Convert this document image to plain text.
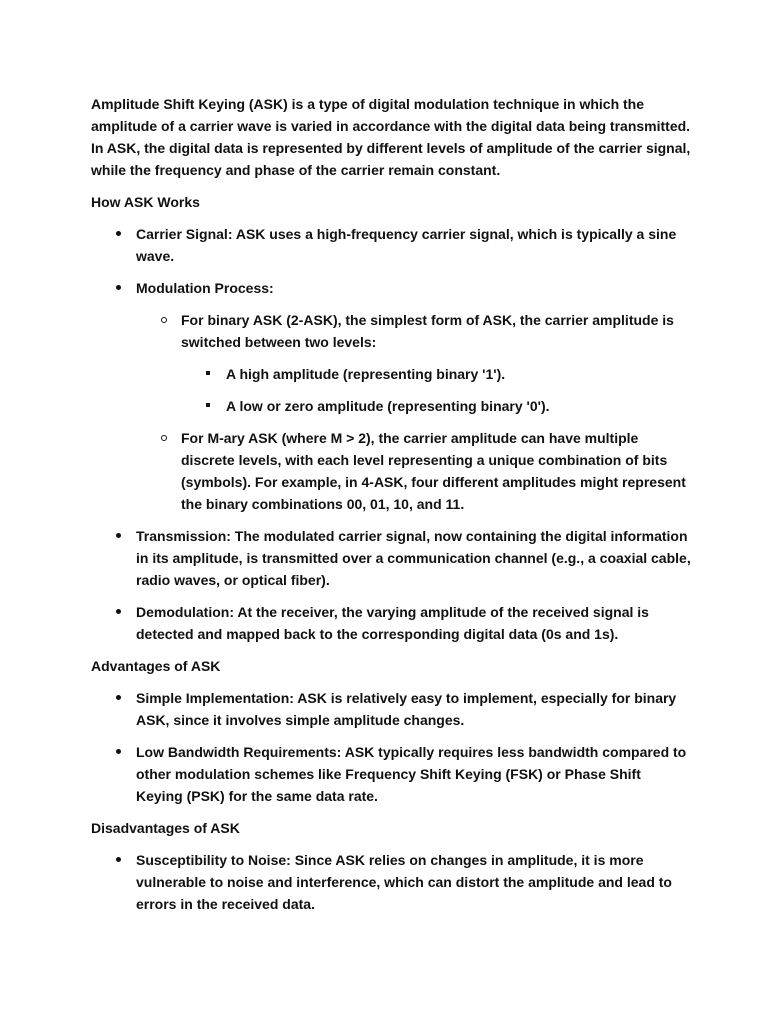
Amplitude Shift Keying (ASK) is a type of digital modulation technique in which the amplitude of a carrier wave is varied in accordance with the digital data being transmitted. In ASK, the digital data is represented by different levels of amplitude of the carrier signal, while the frequency and phase of the carrier remain constant.

How ASK Works

Carrier Signal: ASK uses a high-frequency carrier signal, which is typically a sine wave.
Modulation Process:
For binary ASK (2-ASK), the simplest form of ASK, the carrier amplitude is switched between two levels:
A high amplitude (representing binary '1').
A low or zero amplitude (representing binary '0').
For M-ary ASK (where M > 2), the carrier amplitude can have multiple discrete levels, with each level representing a unique combination of bits (symbols). For example, in 4-ASK, four different amplitudes might represent the binary combinations 00, 01, 10, and 11.
Transmission: The modulated carrier signal, now containing the digital information in its amplitude, is transmitted over a communication channel (e.g., a coaxial cable, radio waves, or optical fiber).
Demodulation: At the receiver, the varying amplitude of the received signal is detected and mapped back to the corresponding digital data (0s and 1s).

Advantages of ASK

Simple Implementation: ASK is relatively easy to implement, especially for binary ASK, since it involves simple amplitude changes.
Low Bandwidth Requirements: ASK typically requires less bandwidth compared to other modulation schemes like Frequency Shift Keying (FSK) or Phase Shift Keying (PSK) for the same data rate.

Disadvantages of ASK

Susceptibility to Noise: Since ASK relies on changes in amplitude, it is more vulnerable to noise and interference, which can distort the amplitude and lead to errors in the received data.
